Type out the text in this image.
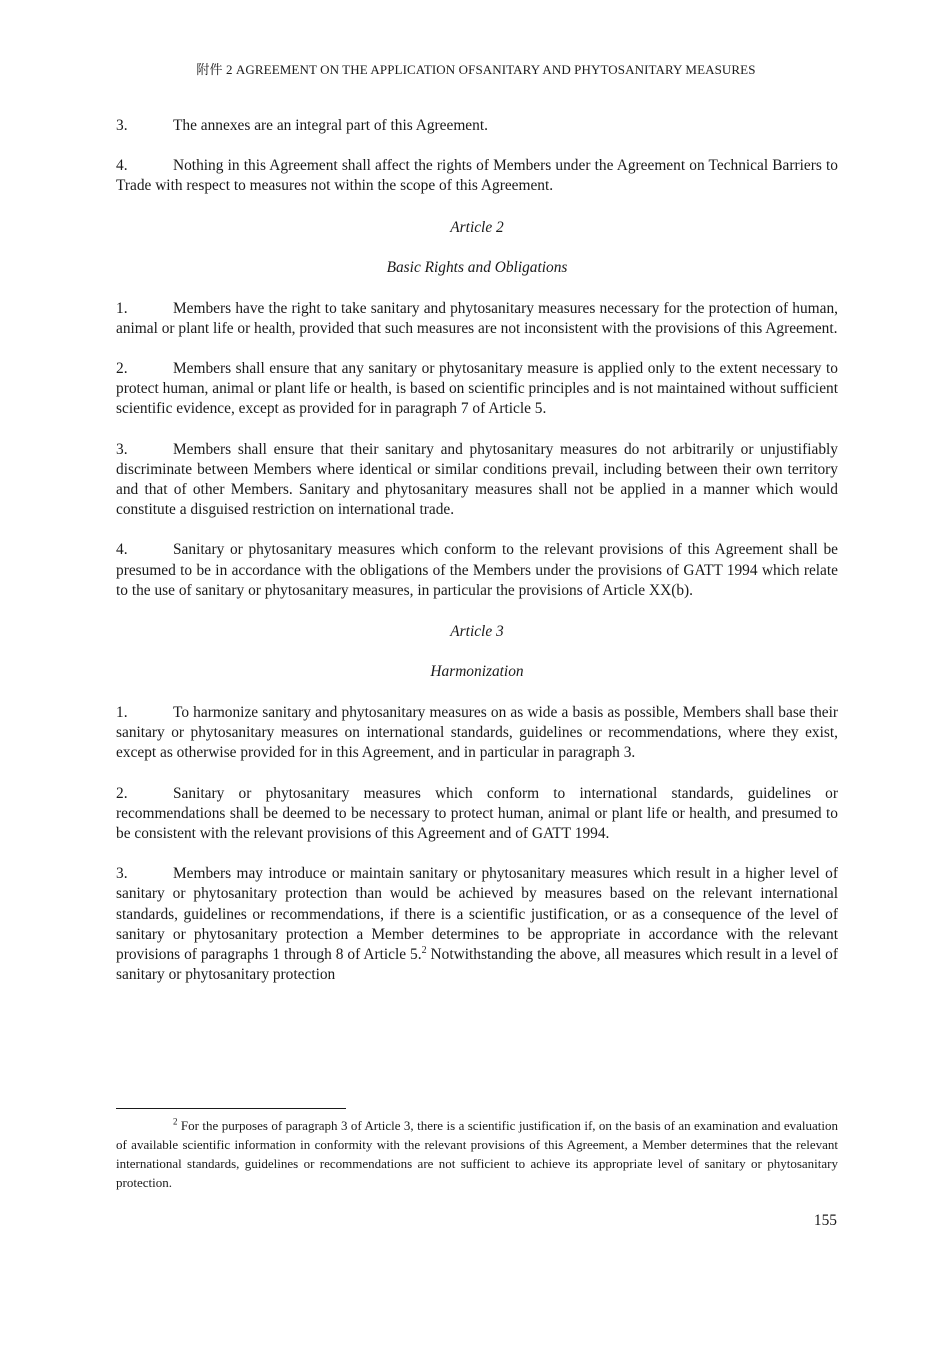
附件 2 AGREEMENT ON THE APPLICATION OFSANITARY AND PHYTOSANITARY MEASURES

3.	The annexes are an integral part of this Agreement.

4.	Nothing in this Agreement shall affect the rights of Members under the Agreement on Technical Barriers to Trade with respect to measures not within the scope of this Agreement.

Article 2

Basic Rights and Obligations

1.	Members have the right to take sanitary and phytosanitary measures necessary for the protection of human, animal or plant life or health, provided that such measures are not inconsistent with the provisions of this Agreement.

2.	Members shall ensure that any sanitary or phytosanitary measure is applied only to the extent necessary to protect human, animal or plant life or health, is based on scientific principles and is not maintained without sufficient scientific evidence, except as provided for in paragraph 7 of Article 5.

3.	Members shall ensure that their sanitary and phytosanitary measures do not arbitrarily or unjustifiably discriminate between Members where identical or similar conditions prevail, including between their own territory and that of other Members. Sanitary and phytosanitary measures shall not be applied in a manner which would constitute a disguised restriction on international trade.

4.	Sanitary or phytosanitary measures which conform to the relevant provisions of this Agreement shall be presumed to be in accordance with the obligations of the Members under the provisions of GATT 1994 which relate to the use of sanitary or phytosanitary measures, in particular the provisions of Article XX(b).

Article 3

Harmonization

1.	To harmonize sanitary and phytosanitary measures on as wide a basis as possible, Members shall base their sanitary or phytosanitary measures on international standards, guidelines or recommendations, where they exist, except as otherwise provided for in this Agreement, and in particular in paragraph 3.

2.	Sanitary or phytosanitary measures which conform to international standards, guidelines or recommendations shall be deemed to be necessary to protect human, animal or plant life or health, and presumed to be consistent with the relevant provisions of this Agreement and of GATT 1994.

3.	Members may introduce or maintain sanitary or phytosanitary measures which result in a higher level of sanitary or phytosanitary protection than would be achieved by measures based on the relevant international standards, guidelines or recommendations, if there is a scientific justification, or as a consequence of the level of sanitary or phytosanitary protection a Member determines to be appropriate in accordance with the relevant provisions of paragraphs 1 through 8 of Article 5.$^2$ Notwithstanding the above, all measures which result in a level of sanitary or phytosanitary protection

$^2$ For the purposes of paragraph 3 of Article 3, there is a scientific justification if, on the basis of an examination and evaluation of available scientific information in conformity with the relevant provisions of this Agreement, a Member determines that the relevant international standards, guidelines or recommendations are not sufficient to achieve its appropriate level of sanitary or phytosanitary protection.

155
